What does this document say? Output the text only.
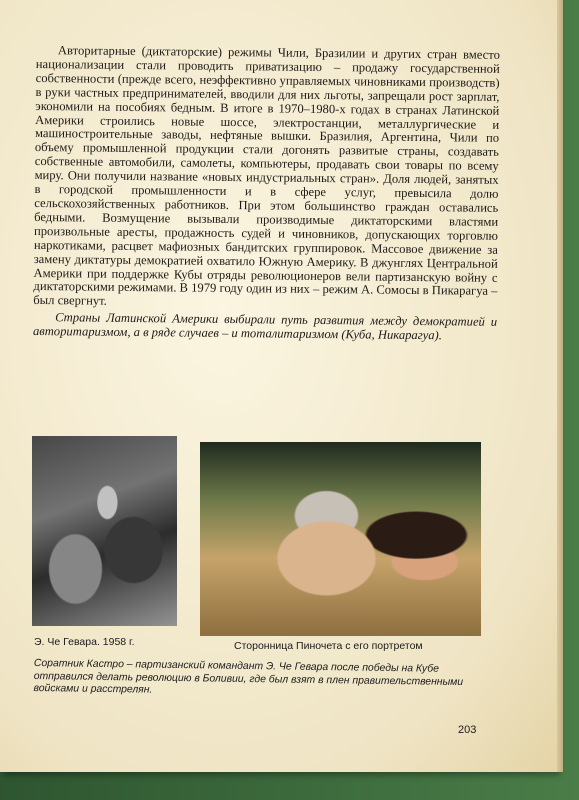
Авторитарные (диктаторские) режимы Чили, Бразилии и других стран вместо национализации стали проводить приватизацию – продажу государственной собственности (прежде всего, неэффективно управляемых чиновниками производств) в руки частных предпринимателей, вводили для них льготы, запрещали рост зарплат, экономили на пособиях бедным. В итоге в 1970–1980-х годах в странах Латинской Америки строились новые шоссе, электростанции, металлургические и машиностроительные заводы, нефтяные вышки. Бразилия, Аргентина, Чили по объему промышленной продукции стали догонять развитые страны, создавать собственные автомобили, самолеты, компьютеры, продавать свои товары по всему миру. Они получили название «новых индустриальных стран». Доля людей, занятых в городской промышленности и в сфере услуг, превысила долю сельскохозяйственных работников. При этом большинство граждан оставались бедными. Возмущение вызывали производимые диктаторскими властями произвольные аресты, продажность судей и чиновников, допускающих торговлю наркотиками, расцвет мафиозных бандитских группировок. Массовое движение за замену диктатуры демократией охватило Южную Америку. В джунглях Центральной Америки при поддержке Кубы отряды революционеров вели партизанскую войну с диктаторскими режимами. В 1979 году один из них – режим А. Сомосы в Пикарагуа – был свергнут.

Страны Латинской Америки выбирали путь развития между демократией и авторитаризмом, а в ряде случаев – и тоталитаризмом (Куба, Никарагуа).

Э. Че Гевара. 1958 г.	Сторонница Пиночета с его портретом
Соратник Кастро – партизанский командант Э. Че Гевара после победы на Кубе отправился делать революцию в Боливии, где был взят в плен правительственными войсками и расстрелян.
203
